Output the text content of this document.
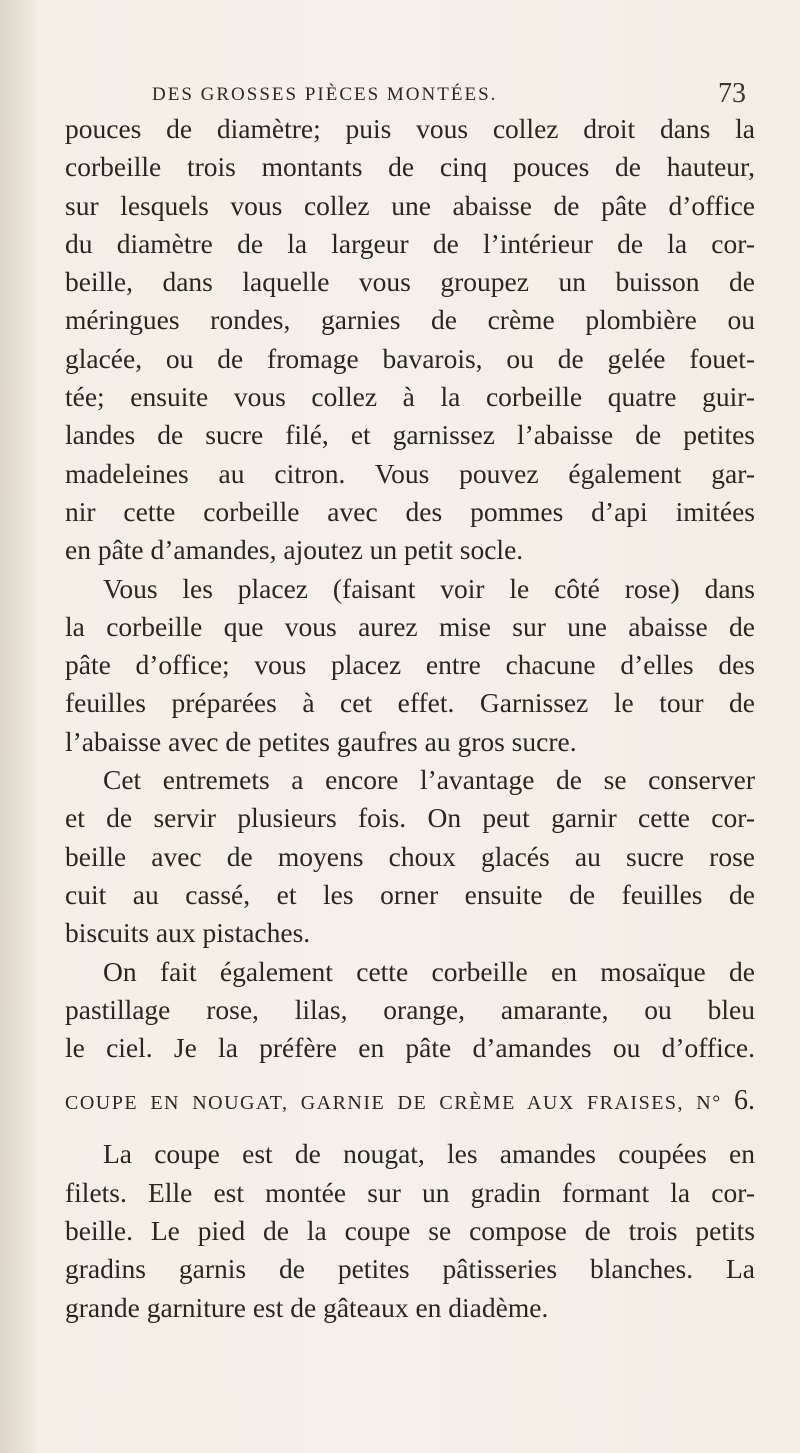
DES GROSSES PIÈCES MONTÉES.	73
pouces de diamètre; puis vous collez droit dans la
corbeille trois montants de cinq pouces de hauteur,
sur lesquels vous collez une abaisse de pâte d’office
du diamètre de la largeur de l’intérieur de la cor-
beille, dans laquelle vous groupez un buisson de
méringues rondes, garnies de crème plombière ou
glacée, ou de fromage bavarois, ou de gelée fouet-
tée; ensuite vous collez à la corbeille quatre guir-
landes de sucre filé, et garnissez l’abaisse de petites
madeleines au citron. Vous pouvez également gar-
nir cette corbeille avec des pommes d’api imitées
en pâte d’amandes, ajoutez un petit socle.
Vous les placez (faisant voir le côté rose) dans
la corbeille que vous aurez mise sur une abaisse de
pâte d’office; vous placez entre chacune d’elles des
feuilles préparées à cet effet. Garnissez le tour de
l’abaisse avec de petites gaufres au gros sucre.
Cet entremets a encore l’avantage de se conserver
et de servir plusieurs fois. On peut garnir cette cor-
beille avec de moyens choux glacés au sucre rose
cuit au cassé, et les orner ensuite de feuilles de
biscuits aux pistaches.
On fait également cette corbeille en mosaïque de
pastillage rose, lilas, orange, amarante, ou bleu
le ciel. Je la préfère en pâte d’amandes ou d’office.
COUPE EN NOUGAT, GARNIE DE CRÈME AUX FRAISES, N° 6.
La coupe est de nougat, les amandes coupées en
filets. Elle est montée sur un gradin formant la cor-
beille. Le pied de la coupe se compose de trois petits
gradins garnis de petites pâtisseries blanches. La
grande garniture est de gâteaux en diadème.
